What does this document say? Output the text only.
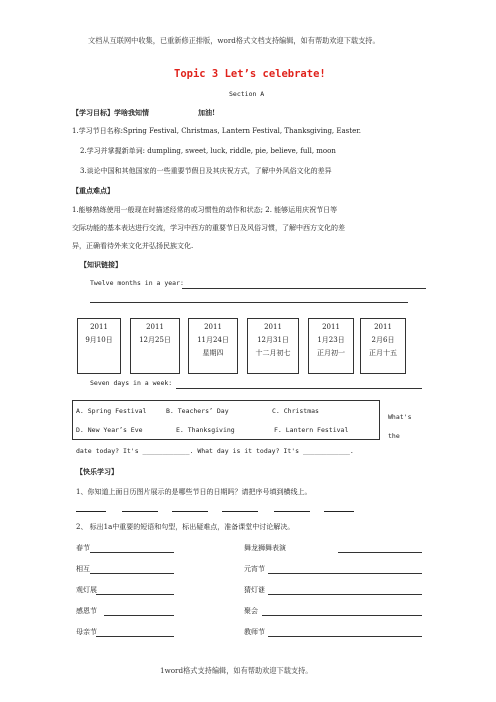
文档从互联网中收集，已重新修正排版，word格式文档支持编辑，如有帮助欢迎下载支持。
Topic 3 Let’s celebrate!
Section A
【学习目标】学啥我知情	加油!
1.学习节日名称:Spring Festival, Christmas, Lantern Festival, Thanksgiving, Easter.
2.学习并掌握新单词: dumpling, sweet, luck, riddle, pie, believe, full, moon
3.谈论中国和其他国家的一些重要节假日及其庆祝方式，了解中外风俗文化的差异
【重点难点】
1.能够熟练使用一般现在时描述经常的或习惯性的动作和状态; 2. 能够运用庆祝节日等
交际功能的基本表达进行交流，学习中西方的重要节日及风俗习惯，了解中西方文化的差
异，正确看待外来文化并弘扬民族文化.
【知识链接】
Twelve months in a year:
2011
9月10日
2011
12月25日
2011
11月24日
星期四
2011
12月31日
十二月初七
2011
1月23日
正月初一
2011
2月6日
正月十五
Seven days in a week:
A. Spring Festival	B. Teachers’ Day	C. Christmas
D. New Year’s Eve	E. Thanksgiving	F. Lantern Festival
What's
the
date today? It's ____________. What day is it today? It's ____________.
【快乐学习】
1、你知道上面日历图片展示的是哪些节日的日期吗？请把序号填到横线上。
2、 标出1a中重要的短语和句型，标出疑难点，准备课堂中讨论解决。
春节	舞龙狮舞表演
相互	元宵节
观灯展	猜灯谜
感恩节	聚会
母亲节	教师节
1word格式支持编辑，如有帮助欢迎下载支持。
